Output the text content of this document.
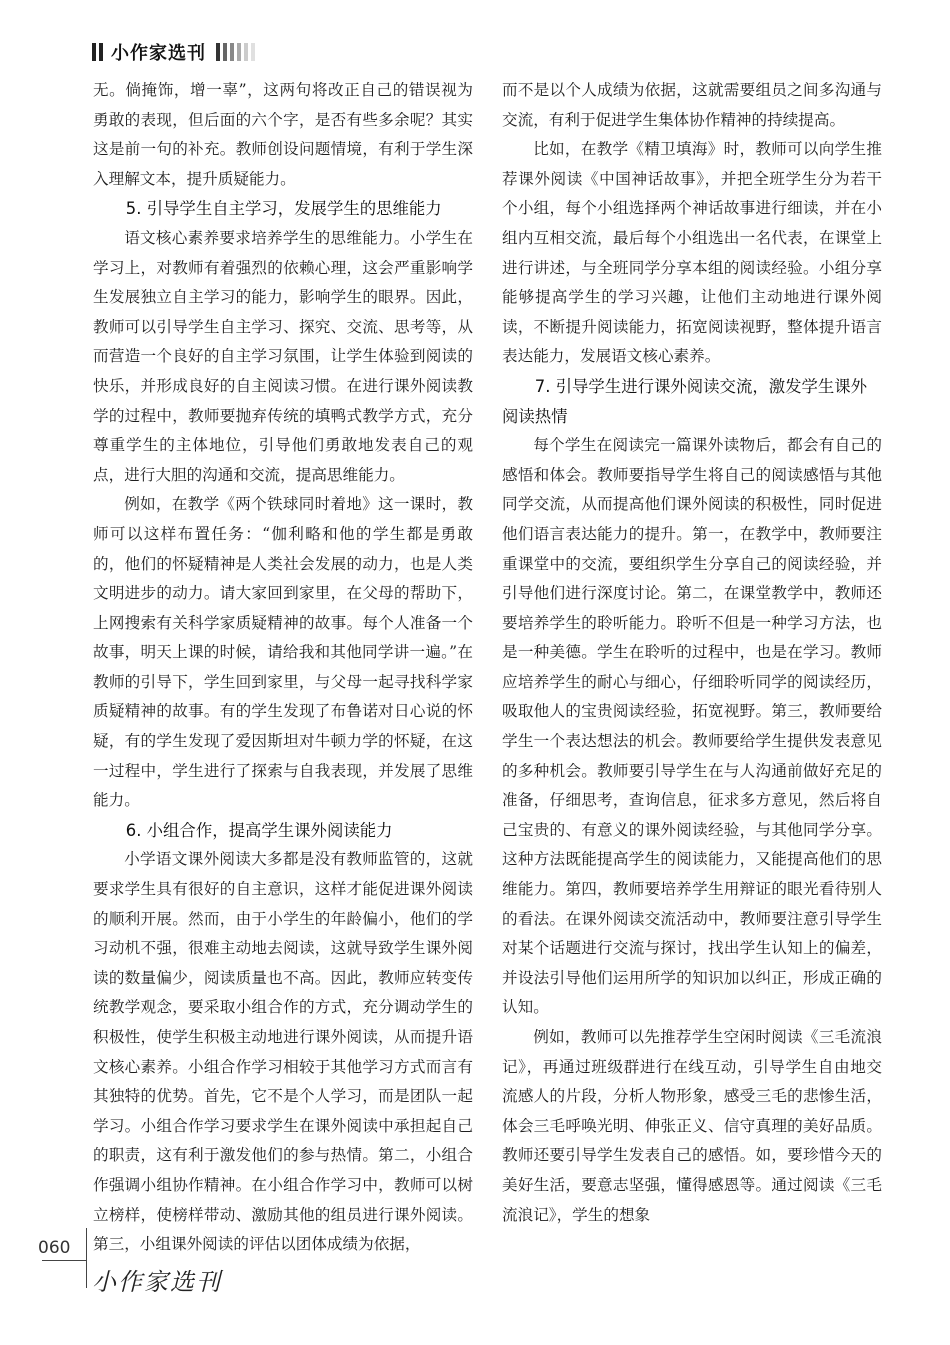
小作家选刊

无。倘掩饰，增一辜”，这两句将改正自己的错误视为勇敢的表现，但后面的六个字，是否有些多余呢？其实这是前一句的补充。教师创设问题情境，有利于学生深入理解文本，提升质疑能力。

5. 引导学生自主学习，发展学生的思维能力

语文核心素养要求培养学生的思维能力。小学生在学习上，对教师有着强烈的依赖心理，这会严重影响学生发展独立自主学习的能力，影响学生的眼界。因此，教师可以引导学生自主学习、探究、交流、思考等，从而营造一个良好的自主学习氛围，让学生体验到阅读的快乐，并形成良好的自主阅读习惯。在进行课外阅读教学的过程中，教师要抛弃传统的填鸭式教学方式，充分尊重学生的主体地位，引导他们勇敢地发表自己的观点，进行大胆的沟通和交流，提高思维能力。

例如，在教学《两个铁球同时着地》这一课时，教师可以这样布置任务：“伽利略和他的学生都是勇敢的，他们的怀疑精神是人类社会发展的动力，也是人类文明进步的动力。请大家回到家里，在父母的帮助下，上网搜索有关科学家质疑精神的故事。每个人准备一个故事，明天上课的时候，请给我和其他同学讲一遍。”在教师的引导下，学生回到家里，与父母一起寻找科学家质疑精神的故事。有的学生发现了布鲁诺对日心说的怀疑，有的学生发现了爱因斯坦对牛顿力学的怀疑，在这一过程中，学生进行了探索与自我表现，并发展了思维能力。

6. 小组合作，提高学生课外阅读能力

小学语文课外阅读大多都是没有教师监管的，这就要求学生具有很好的自主意识，这样才能促进课外阅读的顺利开展。然而，由于小学生的年龄偏小，他们的学习动机不强，很难主动地去阅读，这就导致学生课外阅读的数量偏少，阅读质量也不高。因此，教师应转变传统教学观念，要采取小组合作的方式，充分调动学生的积极性，使学生积极主动地进行课外阅读，从而提升语文核心素养。小组合作学习相较于其他学习方式而言有其独特的优势。首先，它不是个人学习，而是团队一起学习。小组合作学习要求学生在课外阅读中承担起自己的职责，这有利于激发他们的参与热情。第二，小组合作强调小组协作精神。在小组合作学习中，教师可以树立榜样，使榜样带动、激励其他的组员进行课外阅读。第三，小组课外阅读的评估以团体成绩为依据，

而不是以个人成绩为依据，这就需要组员之间多沟通与交流，有利于促进学生集体协作精神的持续提高。

比如，在教学《精卫填海》时，教师可以向学生推荐课外阅读《中国神话故事》，并把全班学生分为若干个小组，每个小组选择两个神话故事进行细读，并在小组内互相交流，最后每个小组选出一名代表，在课堂上进行讲述，与全班同学分享本组的阅读经验。小组分享能够提高学生的学习兴趣，让他们主动地进行课外阅读，不断提升阅读能力，拓宽阅读视野，整体提升语言表达能力，发展语文核心素养。

7. 引导学生进行课外阅读交流，激发学生课外阅读热情

每个学生在阅读完一篇课外读物后，都会有自己的感悟和体会。教师要指导学生将自己的阅读感悟与其他同学交流，从而提高他们课外阅读的积极性，同时促进他们语言表达能力的提升。第一，在教学中，教师要注重课堂中的交流，要组织学生分享自己的阅读经验，并引导他们进行深度讨论。第二，在课堂教学中，教师还要培养学生的聆听能力。聆听不但是一种学习方法，也是一种美德。学生在聆听的过程中，也是在学习。教师应培养学生的耐心与细心，仔细聆听同学的阅读经历，吸取他人的宝贵阅读经验，拓宽视野。第三，教师要给学生一个表达想法的机会。教师要给学生提供发表意见的多种机会。教师要引导学生在与人沟通前做好充足的准备，仔细思考，查询信息，征求多方意见，然后将自己宝贵的、有意义的课外阅读经验，与其他同学分享。这种方法既能提高学生的阅读能力，又能提高他们的思维能力。第四，教师要培养学生用辩证的眼光看待别人的看法。在课外阅读交流活动中，教师要注意引导学生对某个话题进行交流与探讨，找出学生认知上的偏差，并设法引导他们运用所学的知识加以纠正，形成正确的认知。

例如，教师可以先推荐学生空闲时阅读《三毛流浪记》，再通过班级群进行在线互动，引导学生自由地交流感人的片段，分析人物形象，感受三毛的悲惨生活，体会三毛呼唤光明、伸张正义、信守真理的美好品质。教师还要引导学生发表自己的感悟。如，要珍惜今天的美好生活，要意志坚强，懂得感恩等。通过阅读《三毛流浪记》，学生的想象

060
小作家选刊
